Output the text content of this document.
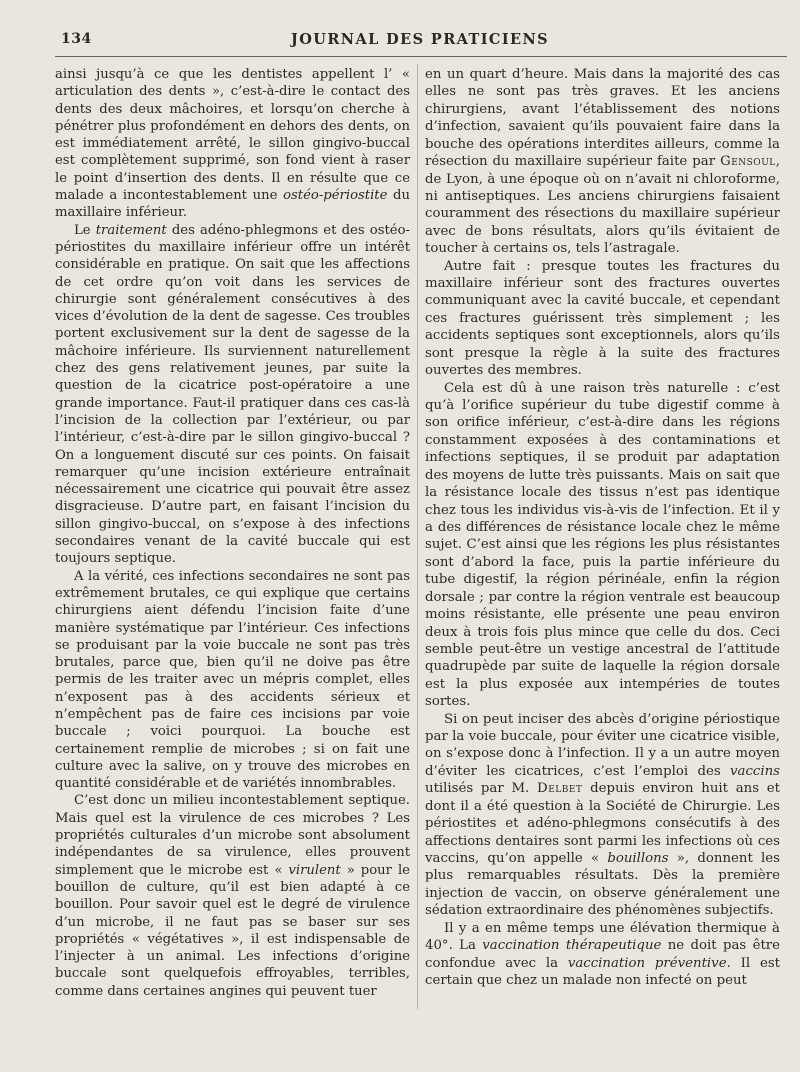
134	JOURNAL DES PRATICIENS

ainsi jusqu’à ce que les dentistes appellent l’ « articulation des dents », c’est-à-dire le contact des dents des deux mâchoires, et lorsqu’on cherche à pénétrer plus profondément en dehors des dents, on est immédiatement arrêté, le sillon gingivo-buccal est complètement supprimé, son fond vient à raser le point d’insertion des dents. Il en résulte que ce malade a incontestablement une ostéo-périostite du maxillaire inférieur.

Le traitement des adéno-phlegmons et des ostéo-périostites du maxillaire inférieur offre un intérêt considérable en pratique. On sait que les affections de cet ordre qu’on voit dans les services de chirurgie sont généralement consécutives à des vices d’évolution de la dent de sagesse. Ces troubles portent exclusivement sur la dent de sagesse de la mâchoire inférieure. Ils surviennent naturellement chez des gens relativement jeunes, par suite la question de la cicatrice post-opératoire a une grande importance. Faut-il pratiquer dans ces cas-là l’incision de la collection par l’extérieur, ou par l’intérieur, c’est-à-dire par le sillon gingivo-buccal ? On a longuement discuté sur ces points. On faisait remarquer qu’une incision extérieure entraînait nécessairement une cicatrice qui pouvait être assez disgracieuse. D’autre part, en faisant l’incision du sillon gingivo-buccal, on s’expose à des infections secondaires venant de la cavité buccale qui est toujours septique.

A la vérité, ces infections secondaires ne sont pas extrêmement brutales, ce qui explique que certains chirurgiens aient défendu l’incision faite d’une manière systématique par l’intérieur. Ces infections se produisant par la voie buccale ne sont pas très brutales, parce que, bien qu’il ne doive pas être permis de les traiter avec un mépris complet, elles n’exposent pas à des accidents sérieux et n’empêchent pas de faire ces incisions par voie buccale ; voici pourquoi. La bouche est certainement remplie de microbes ; si on fait une culture avec la salive, on y trouve des microbes en quantité considérable et de variétés innombrables.

C’est donc un milieu incontestablement septique. Mais quel est la virulence de ces microbes ? Les propriétés culturales d’un microbe sont absolument indépendantes de sa virulence, elles prouvent simplement que le microbe est « virulent » pour le bouillon de culture, qu’il est bien adapté à ce bouillon. Pour savoir quel est le degré de virulence d’un microbe, il ne faut pas se baser sur ses propriétés « végétatives », il est indispensable de l’injecter à un animal. Les infections d’origine buccale sont quelquefois effroyables, terribles, comme dans certaines angines qui peuvent tuer

en un quart d’heure. Mais dans la majorité des cas elles ne sont pas très graves. Et les anciens chirurgiens, avant l’établissement des notions d’infection, savaient qu’ils pouvaient faire dans la bouche des opérations interdites ailleurs, comme la résection du maxillaire supérieur faite par Gensoul, de Lyon, à une époque où on n’avait ni chloroforme, ni antiseptiques. Les anciens chirurgiens faisaient couramment des résections du maxillaire supérieur avec de bons résultats, alors qu’ils évitaient de toucher à certains os, tels l’astragale.

Autre fait : presque toutes les fractures du maxillaire inférieur sont des fractures ouvertes communiquant avec la cavité buccale, et cependant ces fractures guérissent très simplement ; les accidents septiques sont exceptionnels, alors qu’ils sont presque la règle à la suite des fractures ouvertes des membres.

Cela est dû à une raison très naturelle : c’est qu’à l’orifice supérieur du tube digestif comme à son orifice inférieur, c’est-à-dire dans les régions constamment exposées à des contaminations et infections septiques, il se produit par adaptation des moyens de lutte très puissants. Mais on sait que la résistance locale des tissus n’est pas identique chez tous les individus vis-à-vis de l’infection. Et il y a des différences de résistance locale chez le même sujet. C’est ainsi que les régions les plus résistantes sont d’abord la face, puis la partie inférieure du tube digestif, la région périnéale, enfin la région dorsale ; par contre la région ventrale est beaucoup moins résistante, elle présente une peau environ deux à trois fois plus mince que celle du dos. Ceci semble peut-être un vestige ancestral de l’attitude quadrupède par suite de laquelle la région dorsale est la plus exposée aux intempéries de toutes sortes.

Si on peut inciser des abcès d’origine périostique par la voie buccale, pour éviter une cicatrice visible, on s’expose donc à l’infection. Il y a un autre moyen d’éviter les cicatrices, c’est l’emploi des vaccins utilisés par M. Delbet depuis environ huit ans et dont il a été question à la Société de Chirurgie. Les périostites et adéno-phlegmons consécutifs à des affections dentaires sont parmi les infections où ces vaccins, qu’on appelle « bouillons », donnent les plus remarquables résultats. Dès la première injection de vaccin, on observe généralement une sédation extraordinaire des phénomènes subjectifs.

Il y a en même temps une élévation thermique à 40°. La vaccination thérapeutique ne doit pas être confondue avec la vaccination préventive. Il est certain que chez un malade non infecté on peut
